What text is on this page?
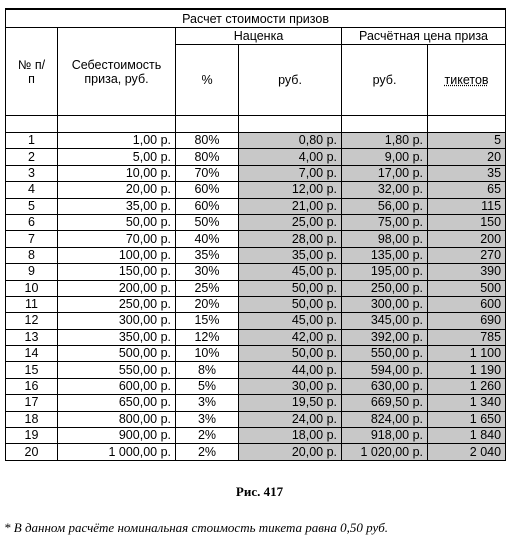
Расчет стоимости призов					

№ п/п	Себестоимость приза, руб.	Наценка		Расчётная цена приза	
		%	руб.	руб.	тикетов

1	1,00 р.	80%	0,80 р.	1,80 р.	5
2	5,00 р.	80%	4,00 р.	9,00 р.	20
3	10,00 р.	70%	7,00 р.	17,00 р.	35
4	20,00 р.	60%	12,00 р.	32,00 р.	65
5	35,00 р.	60%	21,00 р.	56,00 р.	115
6	50,00 р.	50%	25,00 р.	75,00 р.	150
7	70,00 р.	40%	28,00 р.	98,00 р.	200
8	100,00 р.	35%	35,00 р.	135,00 р.	270
9	150,00 р.	30%	45,00 р.	195,00 р.	390
10	200,00 р.	25%	50,00 р.	250,00 р.	500
11	250,00 р.	20%	50,00 р.	300,00 р.	600
12	300,00 р.	15%	45,00 р.	345,00 р.	690
13	350,00 р.	12%	42,00 р.	392,00 р.	785
14	500,00 р.	10%	50,00 р.	550,00 р.	1 100
15	550,00 р.	8%	44,00 р.	594,00 р.	1 190
16	600,00 р.	5%	30,00 р.	630,00 р.	1 260
17	650,00 р.	3%	19,50 р.	669,50 р.	1 340
18	800,00 р.	3%	24,00 р.	824,00 р.	1 650
19	900,00 р.	2%	18,00 р.	918,00 р.	1 840
20	1 000,00 р.	2%	20,00 р.	1 020,00 р.	2 040
Рис. 417
* В данном расчёте номинальная стоимость тикета равна 0,50 руб.
